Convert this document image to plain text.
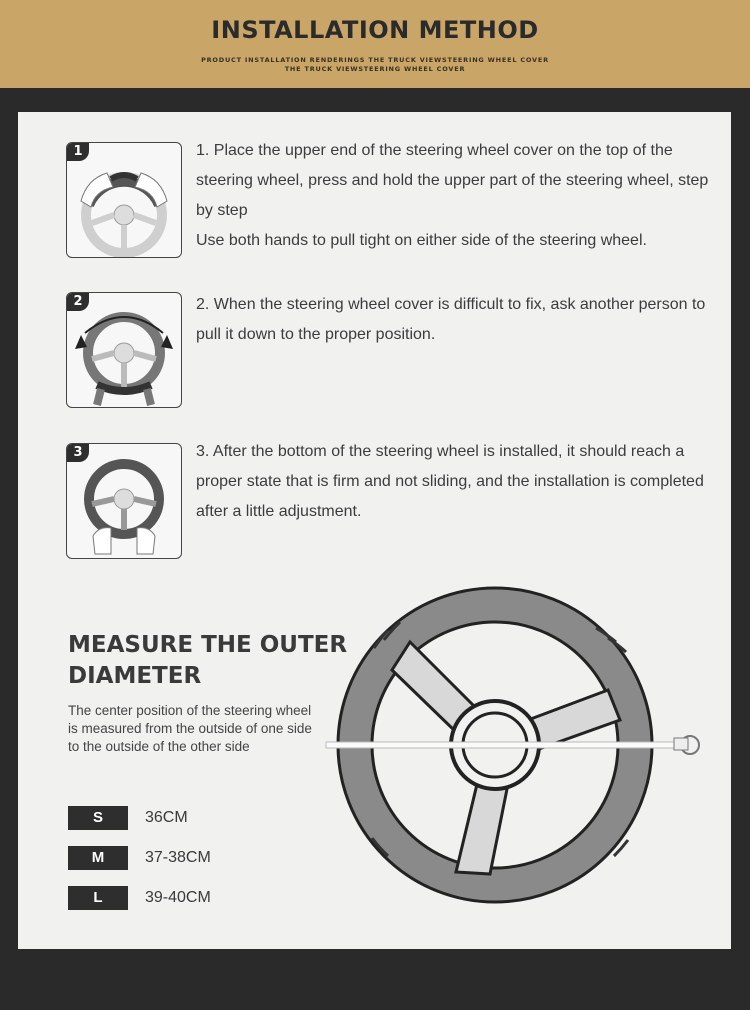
INSTALLATION METHOD
PRODUCT INSTALLATION RENDERINGS THE TRUCK VIEWSTEERING WHEEL COVER
THE TRUCK VIEWSTEERING WHEEL COVER
1	1. Place the upper end of the steering wheel cover on the top of the steering wheel, press and hold the upper part of the steering wheel, step by step
Use both hands to pull tight on either side of the steering wheel.
2	2. When the steering wheel cover is difficult to fix, ask another person to pull it down to the proper position.
3	3. After the bottom of the steering wheel is installed, it should reach a proper state that is firm and not sliding, and the installation is completed after a little adjustment.
MEASURE THE OUTER DIAMETER
The center position of the steering wheel is measured from the outside of one side to the outside of the other side
S	36CM
M	37-38CM
L	39-40CM
